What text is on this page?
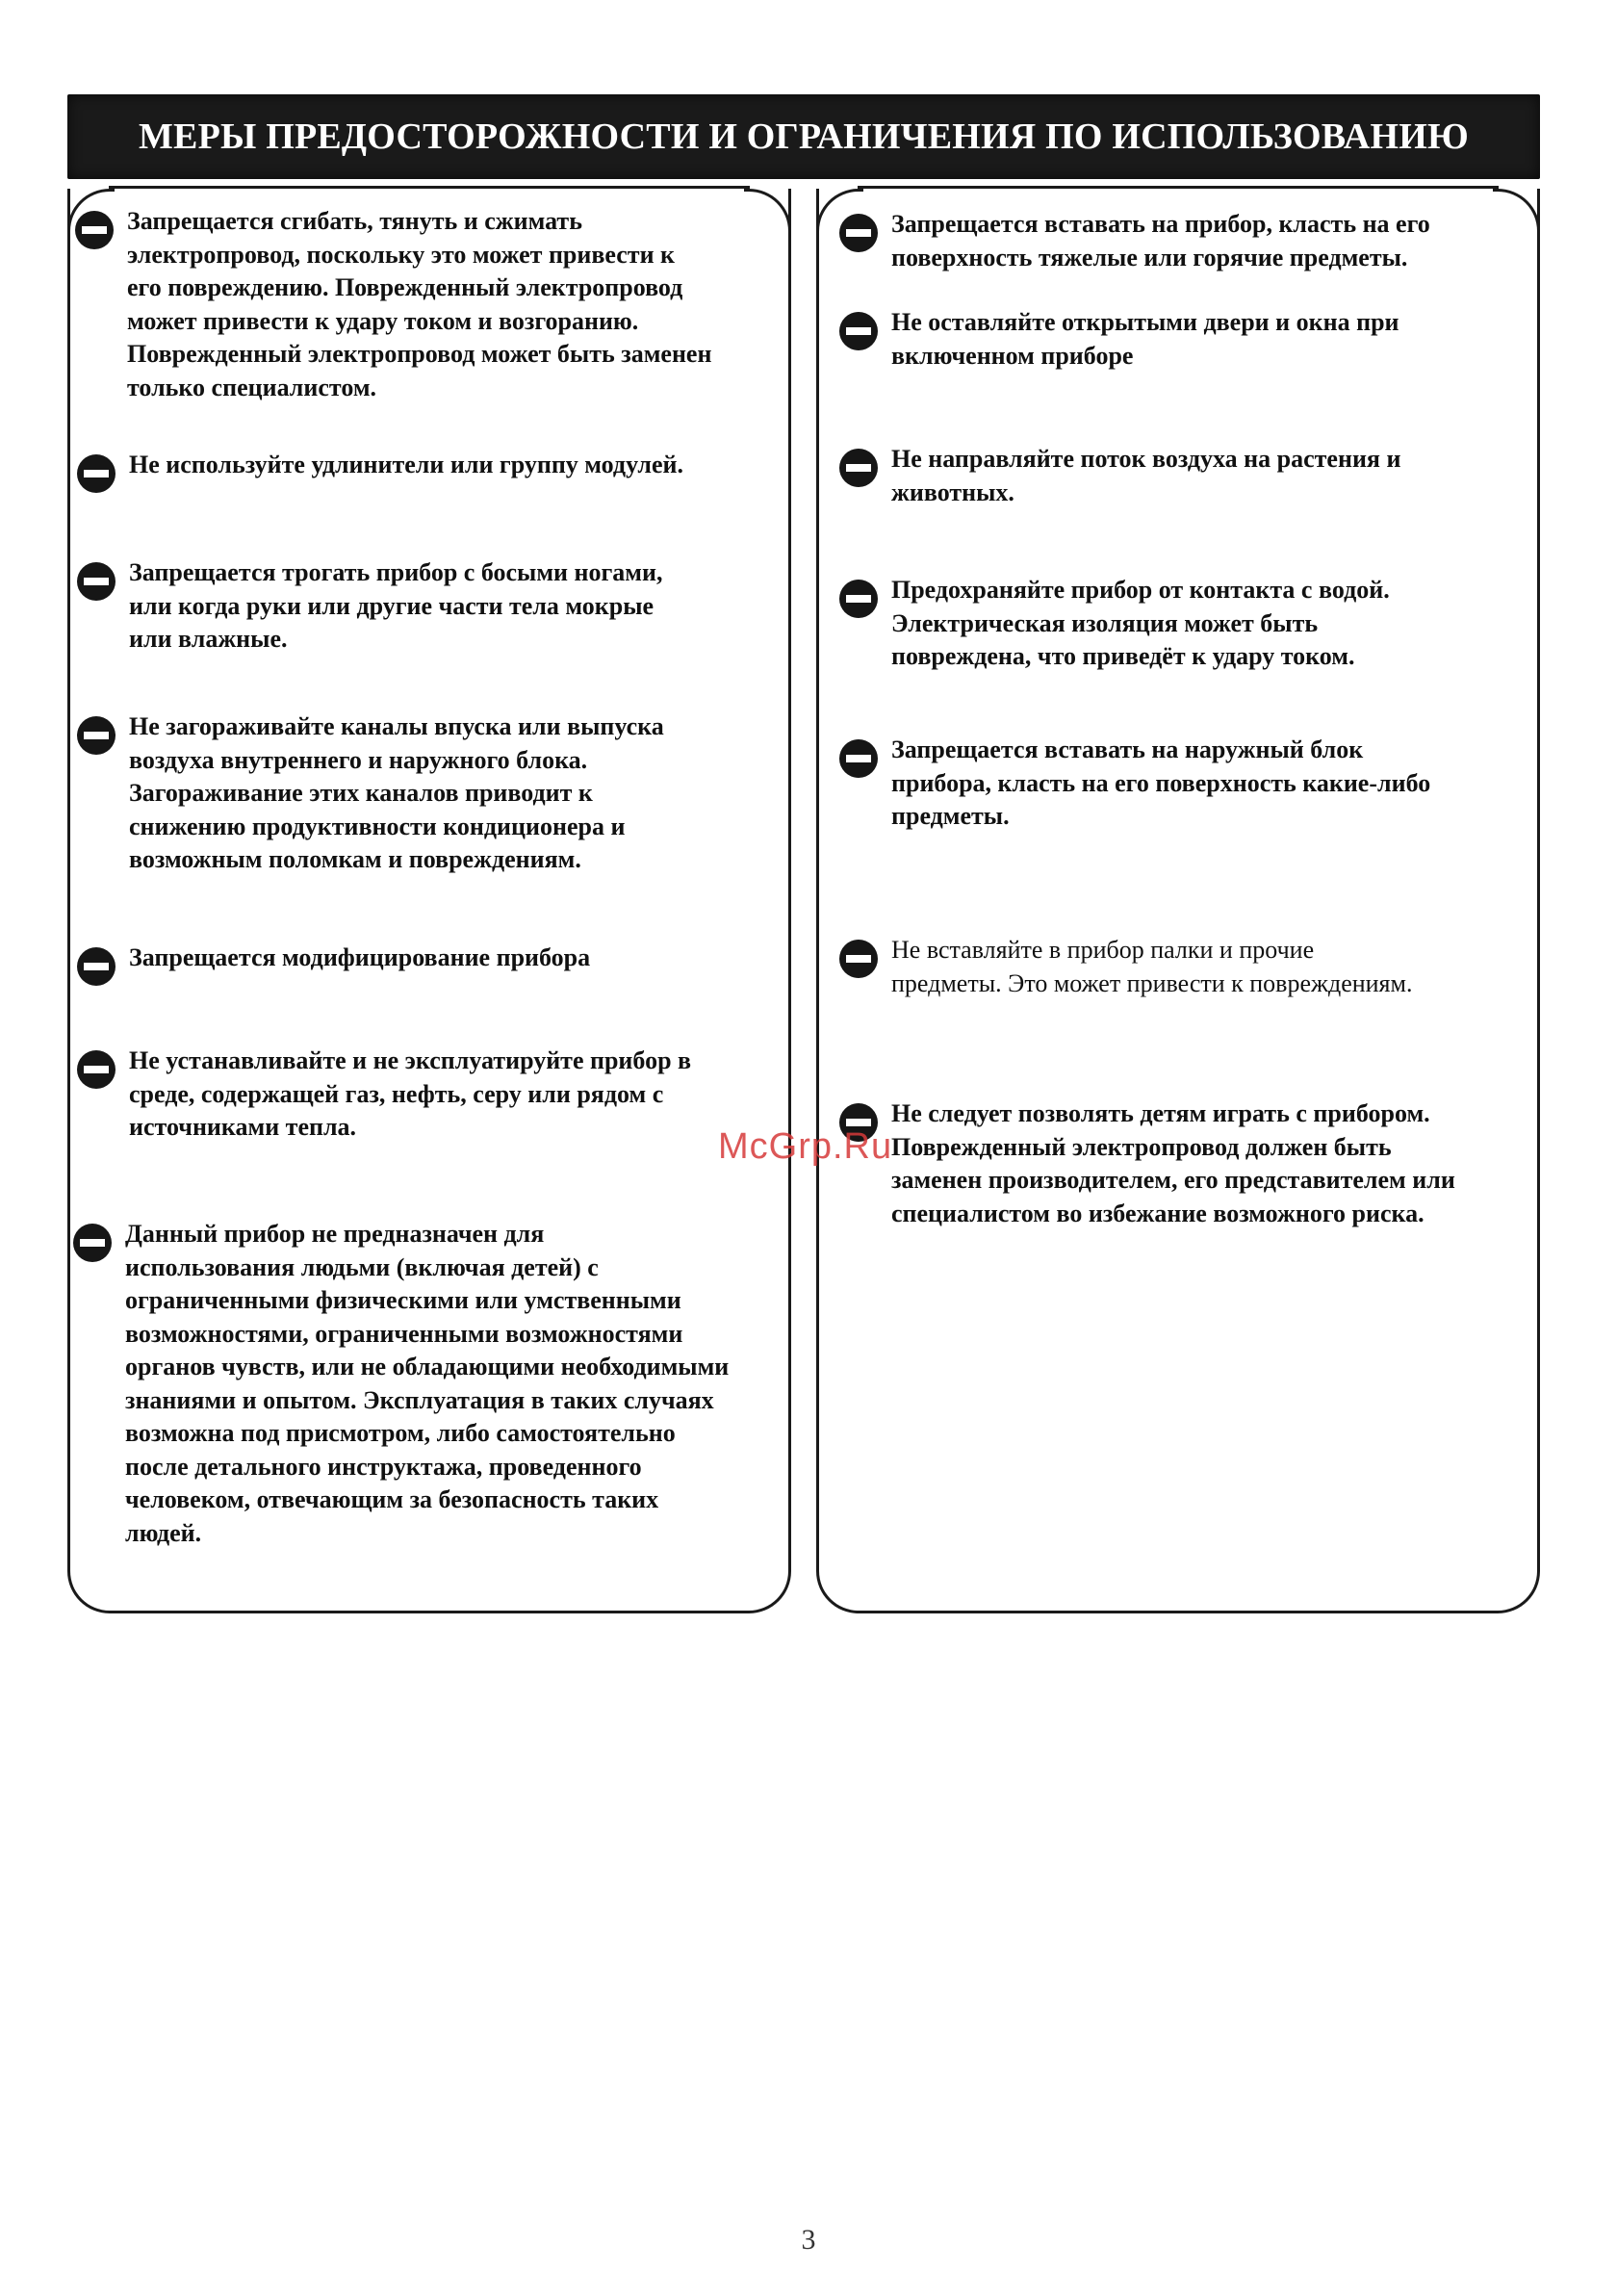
МЕРЫ ПРЕДОСТОРОЖНОСТИ И ОГРАНИЧЕНИЯ ПО ИСПОЛЬЗОВАНИЮ
Запрещается сгибать, тянуть и сжимать
электропровод, поскольку это может привести к
его повреждению. Поврежденный электропровод
может привести к удару током и возгоранию.
Поврежденный электропровод может быть заменен
только специалистом.
Не используйте удлинители или группу модулей.
Запрещается трогать прибор с босыми ногами,
или когда руки или другие части тела мокрые
или влажные.
Не загораживайте каналы впуска или выпуска
воздуха внутреннего и наружного блока.
Загораживание этих каналов приводит к
снижению продуктивности кондиционера и
возможным поломкам и повреждениям.
Запрещается модифицирование прибора
Не устанавливайте и не эксплуатируйте прибор в
среде, содержащей газ, нефть, серу или рядом с
источниками тепла.
Данный прибор не предназначен для
использования людьми (включая детей) с
ограниченными физическими или умственными
возможностями, ограниченными возможностями
органов чувств, или не обладающими необходимыми
знаниями и опытом. Эксплуатация в таких случаях
возможна под присмотром, либо самостоятельно
после детального инструктажа, проведенного
человеком, отвечающим за безопасность таких
людей.
Запрещается вставать на прибор, класть на его
поверхность тяжелые или горячие предметы.
Не оставляйте открытыми двери и окна при
включенном приборе
Не направляйте поток воздуха на растения и
животных.
Предохраняйте прибор от контакта с водой.
Электрическая изоляция может быть
повреждена, что приведёт к удару током.
Запрещается вставать на наружный блок
прибора, класть на его поверхность какие-либо
предметы.
Не вставляйте в прибор палки и прочие
предметы. Это может привести к повреждениям.
Не следует позволять детям играть с прибором.
Поврежденный электропровод должен быть
заменен производителем, его представителем или
специалистом во избежание возможного риска.
McGrp.Ru
3
